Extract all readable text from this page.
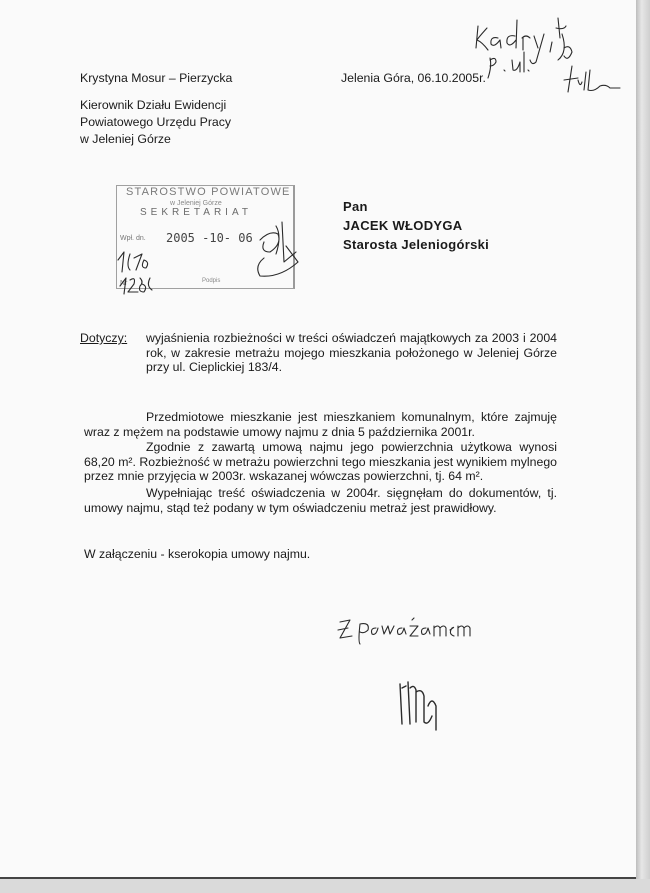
Krystyna Mosur – Pierzycka
Kierownik Działu Ewidencji
Powiatowego Urzędu Pracy
w Jeleniej Górze
Jelenia Góra, 06.10.2005r.
STAROSTWO POWIATOWE
w Jeleniej Górze
SEKRETARIAT
Wpł. dn. 2005 -10- 06
Nr	Podpis
Pan
JACEK WŁODYGA
Starosta Jeleniogórski
Dotyczy: wyjaśnienia rozbieżności w treści oświadczeń majątkowych za 2003 i 2004 rok, w zakresie metrażu mojego mieszkania położonego w Jeleniej Górze przy ul. Cieplickiej 183/4.
Przedmiotowe mieszkanie jest mieszkaniem komunalnym, które zajmuję wraz z mężem na podstawie umowy najmu z dnia 5 października 2001r.
Zgodnie z zawartą umową najmu jego powierzchnia użytkowa wynosi 68,20 m². Rozbieżność w metrażu powierzchni tego mieszkania jest wynikiem mylnego przez mnie przyjęcia w 2003r. wskazanej wówczas powierzchni, tj. 64 m².
Wypełniając treść oświadczenia w 2004r. sięgnęłam do dokumentów, tj. umowy najmu, stąd też podany w tym oświadczeniu metraż jest prawidłowy.
W załączeniu - kserokopia umowy najmu.
